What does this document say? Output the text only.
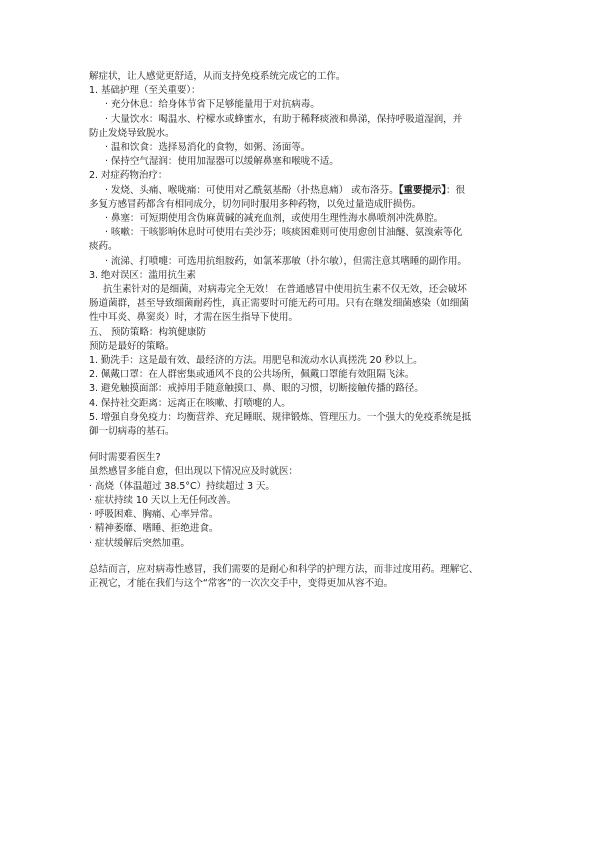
解症状，让人感觉更舒适，从而支持免疫系统完成它的工作。

1. 基础护理（至关重要）：

· 充分休息：给身体节省下足够能量用于对抗病毒。

· 大量饮水：喝温水、柠檬水或蜂蜜水，有助于稀释痰液和鼻涕，保持呼吸道湿润，并

防止发烧导致脱水。

· 温和饮食：选择易消化的食物，如粥、汤面等。

· 保持空气湿润：使用加湿器可以缓解鼻塞和喉咙不适。

2. 对症药物治疗：

· 发烧、头痛、喉咙痛：可使用对乙酰氨基酚（扑热息痛） 或布洛芬。【重要提示】：很

多复方感冒药都含有相同成分，切勿同时服用多种药物，以免过量造成肝损伤。

· 鼻塞：可短期使用含伪麻黄碱的减充血剂，或使用生理性海水鼻喷剂冲洗鼻腔。

· 咳嗽：干咳影响休息时可使用右美沙芬；咳痰困难则可使用愈创甘油醚、氨溴索等化

痰药。

· 流涕、打喷嚏：可选用抗组胺药，如氯苯那敏（扑尔敏），但需注意其嗜睡的副作用。

3. 绝对误区：滥用抗生素

抗生素针对的是细菌，对病毒完全无效！ 在普通感冒中使用抗生素不仅无效，还会破坏

肠道菌群，甚至导致细菌耐药性，真正需要时可能无药可用。只有在继发细菌感染（如细菌

性中耳炎、鼻窦炎）时，才需在医生指导下使用。

五、 预防策略：构筑健康防

预防是最好的策略。

1. 勤洗手：这是最有效、最经济的方法。用肥皂和流动水认真搓洗 20 秒以上。

2. 佩戴口罩：在人群密集或通风不良的公共场所，佩戴口罩能有效阻隔飞沫。

3. 避免触摸面部：戒掉用手随意触摸口、鼻、眼的习惯，切断接触传播的路径。

4. 保持社交距离：远离正在咳嗽、打喷嚏的人。

5. 增强自身免疫力：均衡营养、充足睡眠、规律锻炼、管理压力。一个强大的免疫系统是抵

御一切病毒的基石。

何时需要看医生?

虽然感冒多能自愈，但出现以下情况应及时就医：

· 高烧（体温超过 38.5°C）持续超过 3 天。

· 症状持续 10 天以上无任何改善。

· 呼吸困难、胸痛、心率异常。

· 精神萎靡、嗜睡、拒绝进食。

· 症状缓解后突然加重。

总结而言，应对病毒性感冒，我们需要的是耐心和科学的护理方法，而非过度用药。理解它、

正视它，才能在我们与这个“常客”的一次次交手中，变得更加从容不迫。
